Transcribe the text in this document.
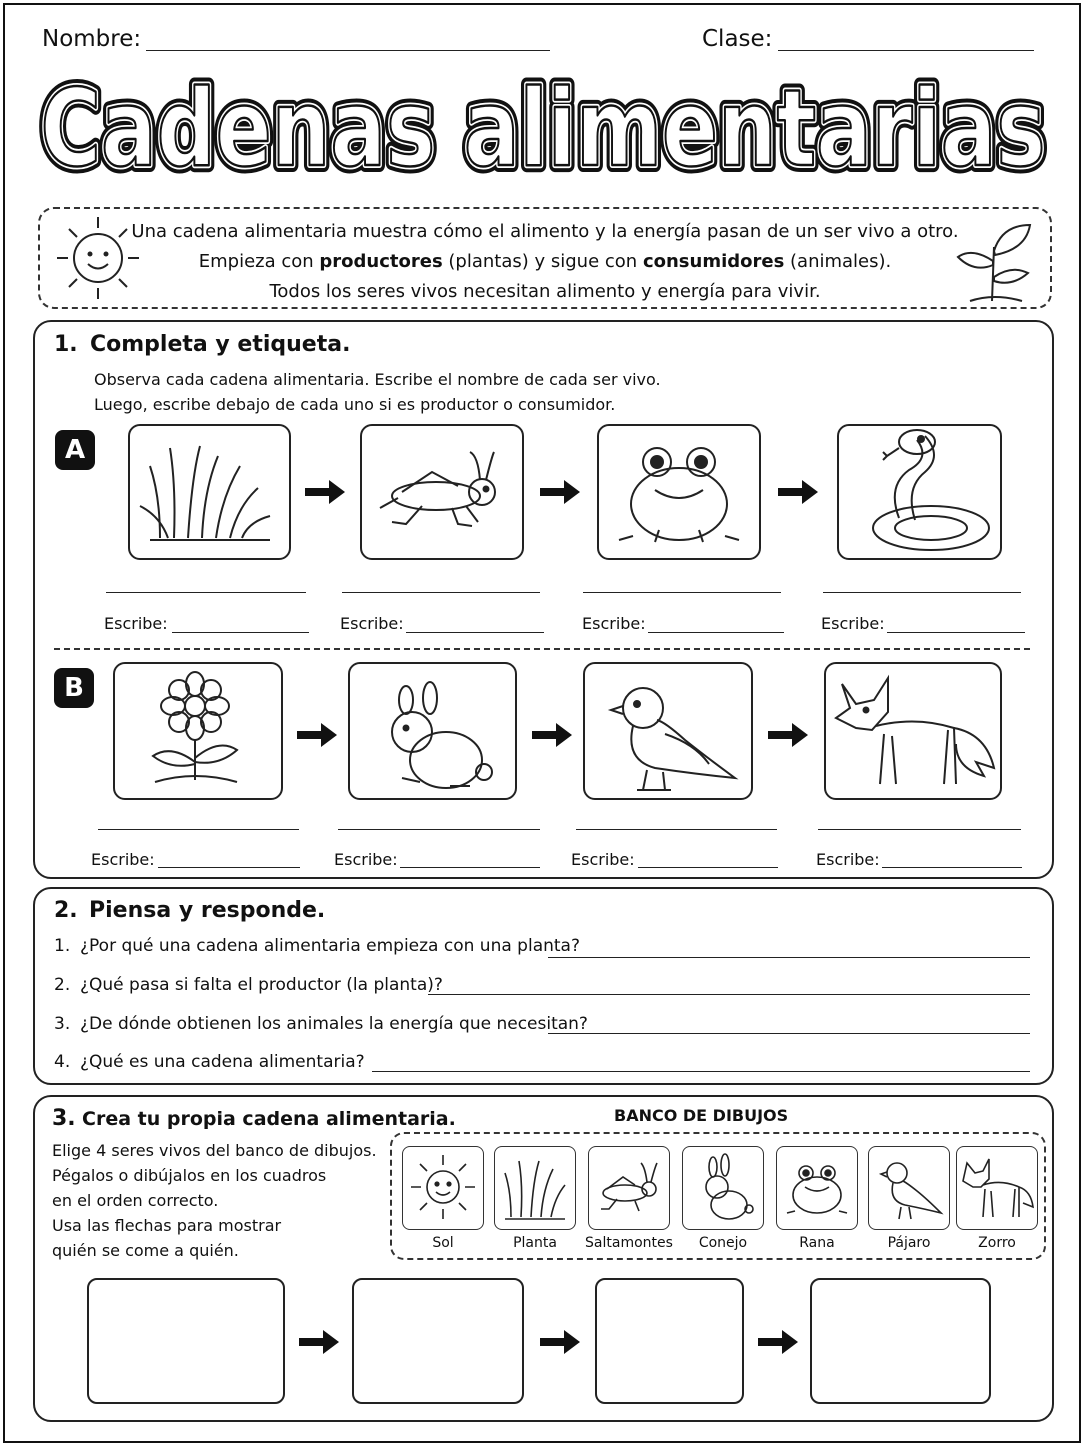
Nombre:	Clase:
Cadenas alimentarias
Cadenas alimentarias
Cadenas alimentarias

Una cadena alimentaria muestra cómo el alimento y la energía pasan de un ser vivo a otro.

Empieza con productores (plantas) y sigue con consumidores (animales).

Todos los seres vivos necesitan alimento y energía para vivir.

1. Completa y etiqueta.
Observa cada cadena alimentaria. Escribe el nombre de cada ser vivo.
Luego, escribe debajo de cada uno si es productor o consumidor.
A
Escribe:	Escribe:	Escribe:	Escribe:
B
Escribe:	Escribe:	Escribe:	Escribe:
2. Piensa y responde.
1. ¿Por qué una cadena alimentaria empieza con una planta?
2. ¿Qué pasa si falta el productor (la planta)?
3. ¿De dónde obtienen los animales la energía que necesitan?
4. ¿Qué es una cadena alimentaria?
3. Crea tu propia cadena alimentaria.
Elige 4 seres vivos del banco de dibujos.
Pégalos o dibújalos en los cuadros
en el orden correcto.
Usa las flechas para mostrar
quién se come a quién.
BANCO DE DIBUJOS
Sol	Planta	Saltamontes	Conejo	Rana	Pájaro	Zorro
